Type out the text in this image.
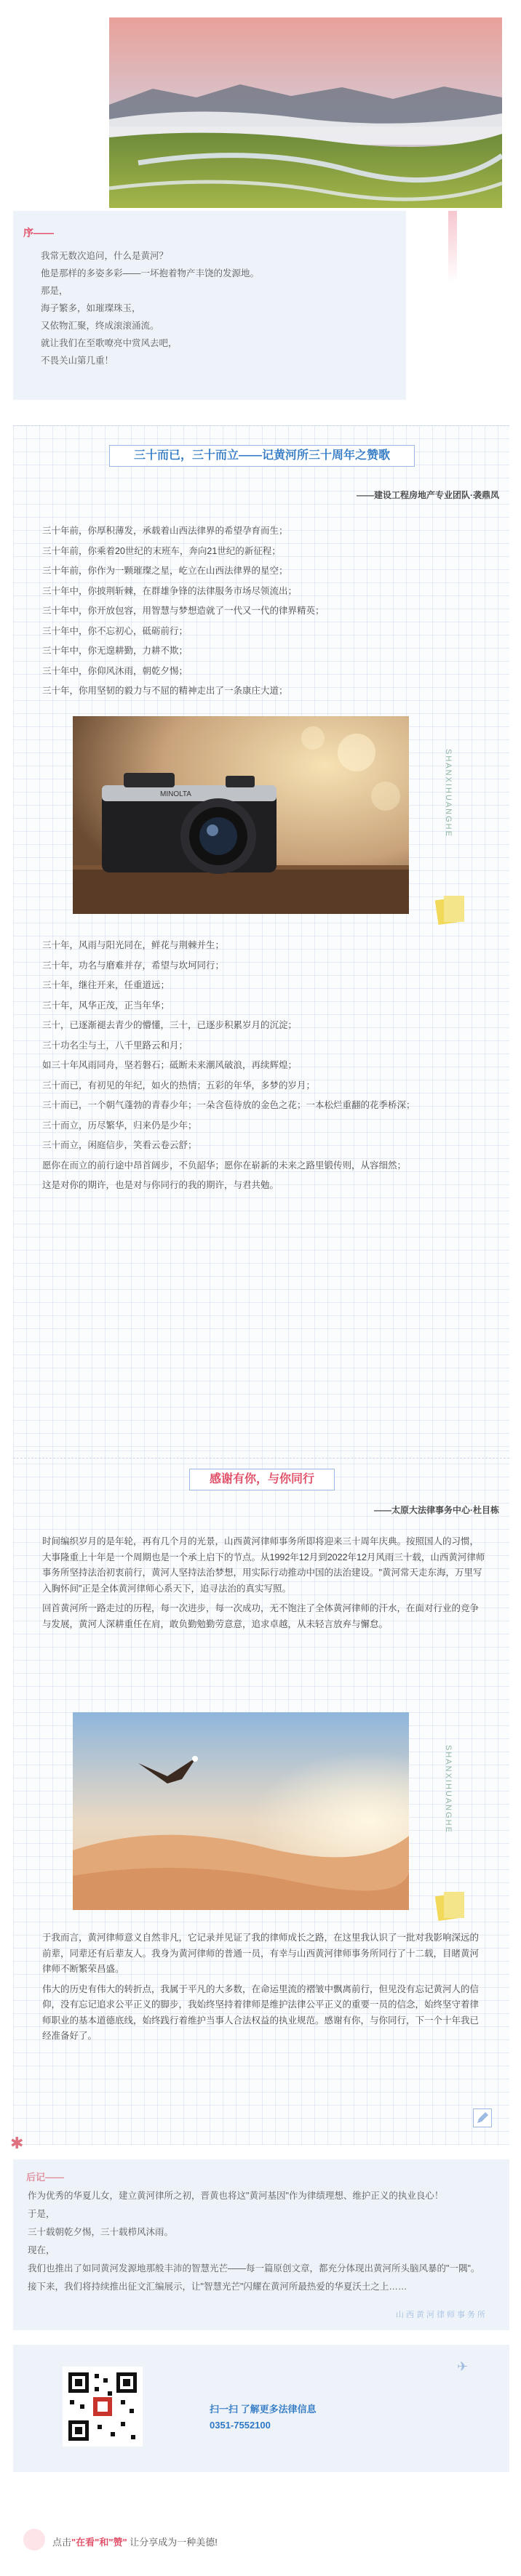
序——

我常无数次追问，什么是黄河？

他是那样的多姿多彩——一坏抱着物产丰饶的发源地。

那是，

海子繁多，如璀璨珠玉，

又依物汇聚，终成滚滚涌流。

就让我们在至歌嘹亮中赏风去吧，

不畏关山第几重！

三十而已，三十而立——记黄河所三十周年之赞歌
——建设工程房地产专业团队·袭鼎凤

三十年前，你厚积薄发，承载着山西法律界的希望孕育而生；

三十年前，你乘着20世纪的末班车，奔向21世纪的新征程；

三十年前，你作为一颗璀璨之星，屹立在山西法律界的星空；

三十年中，你披荆斩棘，在群雄争锋的法律服务市场尽领流出；

三十年中，你开放包容，用智慧与梦想造就了一代又一代的律界精英；

三十年中，你不忘初心，砥砺前行；

三十年中，你无遑耕勤，力耕不欺；

三十年中，你仰风沐雨，朝乾夕惕；

三十年，你用坚韧的毅力与不屈的精神走出了一条康庄大道；

MINOLTA	SHANXIHUANGHE

三十年，风雨与阳光同在，鲜花与荆棘并生；

三十年，功名与磨难并存，希望与坎坷同行；

三十年，继往开来，任重道远；

三十年，风华正茂，正当年华；

三十，已逐渐褪去青少的懵懂，三十，已逐步积累岁月的沉淀；

三十功名尘与土，八千里路云和月；

如三十年风雨同舟，坚若磐石；砥断未来潮风破浪，再续辉煌；

三十而已，有初见的年纪，如火的热情；五彩的年华，多梦的岁月；

三十而已，一个朝气蓬勃的青春少年；一朵含苞待放的金色之花；一本松烂重翻的花季桥深；

三十而立，历尽繁华，归来仍是少年；

三十而立，闲庭信步，笑看云卷云舒；

愿你在而立的前行途中昂首阔步，不负韶华；愿你在崭新的未来之路里锻传则，从容细然；

这是对你的期许，也是对与你同行的我的期许，与君共勉。

感谢有你，与你同行
——太原大法律事务中心·杜目栋

时间编织岁月的是年轮，再有几个月的光景，山西黄河律师事务所即将迎来三十周年庆典。按照国人的习惯，大事隆重上十年是一个周期也是一个承上启下的节点。从1992年12月到2022年12月风雨三十载，山西黄河律师事务所坚持法治初衷前行，黄河人坚持法治梦想，用实际行动推动中国的法治建设。"黄河常天走东海，万里写入胸怀间"正是全体黄河律师心系天下，追寻法治的真实写照。

回首黄河所一路走过的历程，每一次进步，每一次成功，无不饱注了全体黄河律师的汗水，在面对行业的竞争与发展，黄河人深耕重任在肩，敢负勤勉勤劳意意，追求卓越，从未轻言放弃与懈怠。

SHANXIHUANGHE

于我而言，黄河律师意义自然非凡，它记录并见证了我的律师成长之路，在这里我认识了一批对我影响深远的前辈，同辈还有后辈友人。我身为黄河律师的普通一员，有幸与山西黄河律师事务所同行了十二载，目睹黄河律师不断繁荣昌盛。

伟大的历史有伟大的转折点，我属于平凡的大多数，在命运里流的褶皱中飘离前行，但见没有忘记黄河人的信仰，没有忘记追求公平正义的脚步，我始终坚持着律师是维护法律公平正义的重要一员的信念，始终坚守着律师职业的基本道德底线，始终践行着维护当事人合法权益的执业规范。感谢有你，与你同行，下一个十年我已经准备好了。

✱
后记——

作为优秀的华夏儿女，建立黄河律所之初，晋黄也将这"黄河基因"作为律绩理想、维护正义的执业良心！

于是，

三十载朝乾夕惕，三十载栉风沐雨。

现在，

我们也推出了如同黄河发源地那般丰沛的智慧光芒——每一篇原创文章，都充分体现出黄河所头脑风暴的"一隅"。

接下来，我们将持续推出征文汇编展示，让"智慧光芒"闪耀在黄河所最热爱的华夏沃土之上……

山西黄河律师事务所
扫一扫 了解更多法律信息
0351-7552100
✈
点击"在看"和"赞" 让分享成为一种美德!
